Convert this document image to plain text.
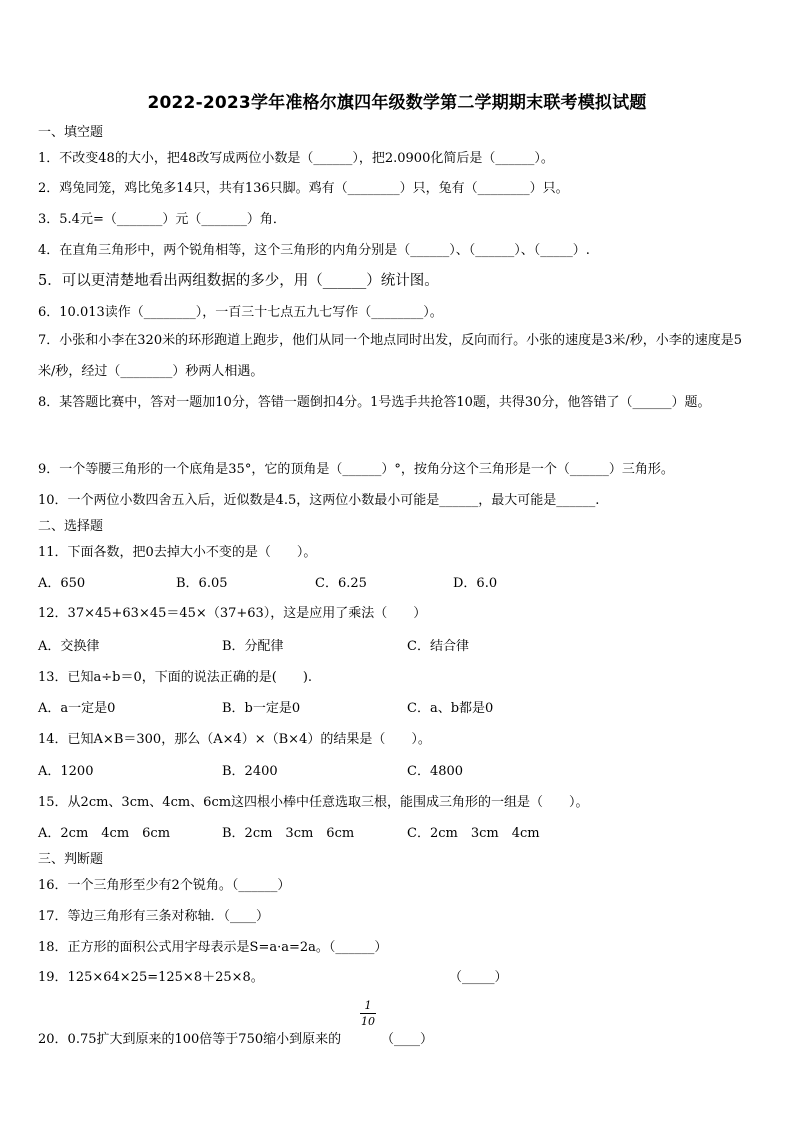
2022-2023学年准格尔旗四年级数学第二学期期末联考模拟试题
一、填空题
1．不改变48的大小，把48改写成两位小数是（______），把2.0900化简后是（______）。
2．鸡兔同笼，鸡比兔多14只，共有136只脚。鸡有（________）只，兔有（________）只。
3．5.4元=（_______）元（_______）角．
4．在直角三角形中，两个锐角相等，这个三角形的内角分别是（______）、（______）、（_____）.
5．可以更清楚地看出两组数据的多少，用（______）统计图。
6．10.013读作（________），一百三十七点五九七写作（________）。
7．小张和小李在320米的环形跑道上跑步，他们从同一个地点同时出发，反向而行。小张的速度是3米/秒，小李的速度是5米/秒，经过（________）秒两人相遇。
8．某答题比赛中，答对一题加10分，答错一题倒扣4分。1号选手共抢答10题，共得30分，他答错了（______）题。
9．一个等腰三角形的一个底角是35°，它的顶角是（______）°，按角分这个三角形是一个（______）三角形。
10．一个两位小数四舍五入后，近似数是4.5，这两位小数最小可能是______，最大可能是______.
二、选择题
11．下面各数，把0去掉大小不变的是（　　）。
A．650	B．6.05	C．6.25	D．6.0
12．37×45+63×45＝45×（37+63），这是应用了乘法（　　）
A．交换律	B．分配律	C．结合律
13．已知a÷b＝0，下面的说法正确的是(　　).
A．a一定是0	B．b一定是0	C．a、b都是0
14．已知A×B＝300，那么（A×4）×（B×4）的结果是（　　）。
A．1200	B．2400	C．4800
15．从2cm、3cm、4cm、6cm这四根小棒中任意选取三根，能围成三角形的一组是（　　）。
A．2cm　4cm　6cm	B．2cm　3cm　6cm	C．2cm　3cm　4cm
三、判断题
16．一个三角形至少有2个锐角。（______）
17．等边三角形有三条对称轴．（____）
18．正方形的面积公式用字母表示是S=a·a=2a。（______）
19．125×64×25=125×8＋25×8。	（_____）
20．0.75扩大到原来的100倍等于750缩小到原来的
1
10
（____）
